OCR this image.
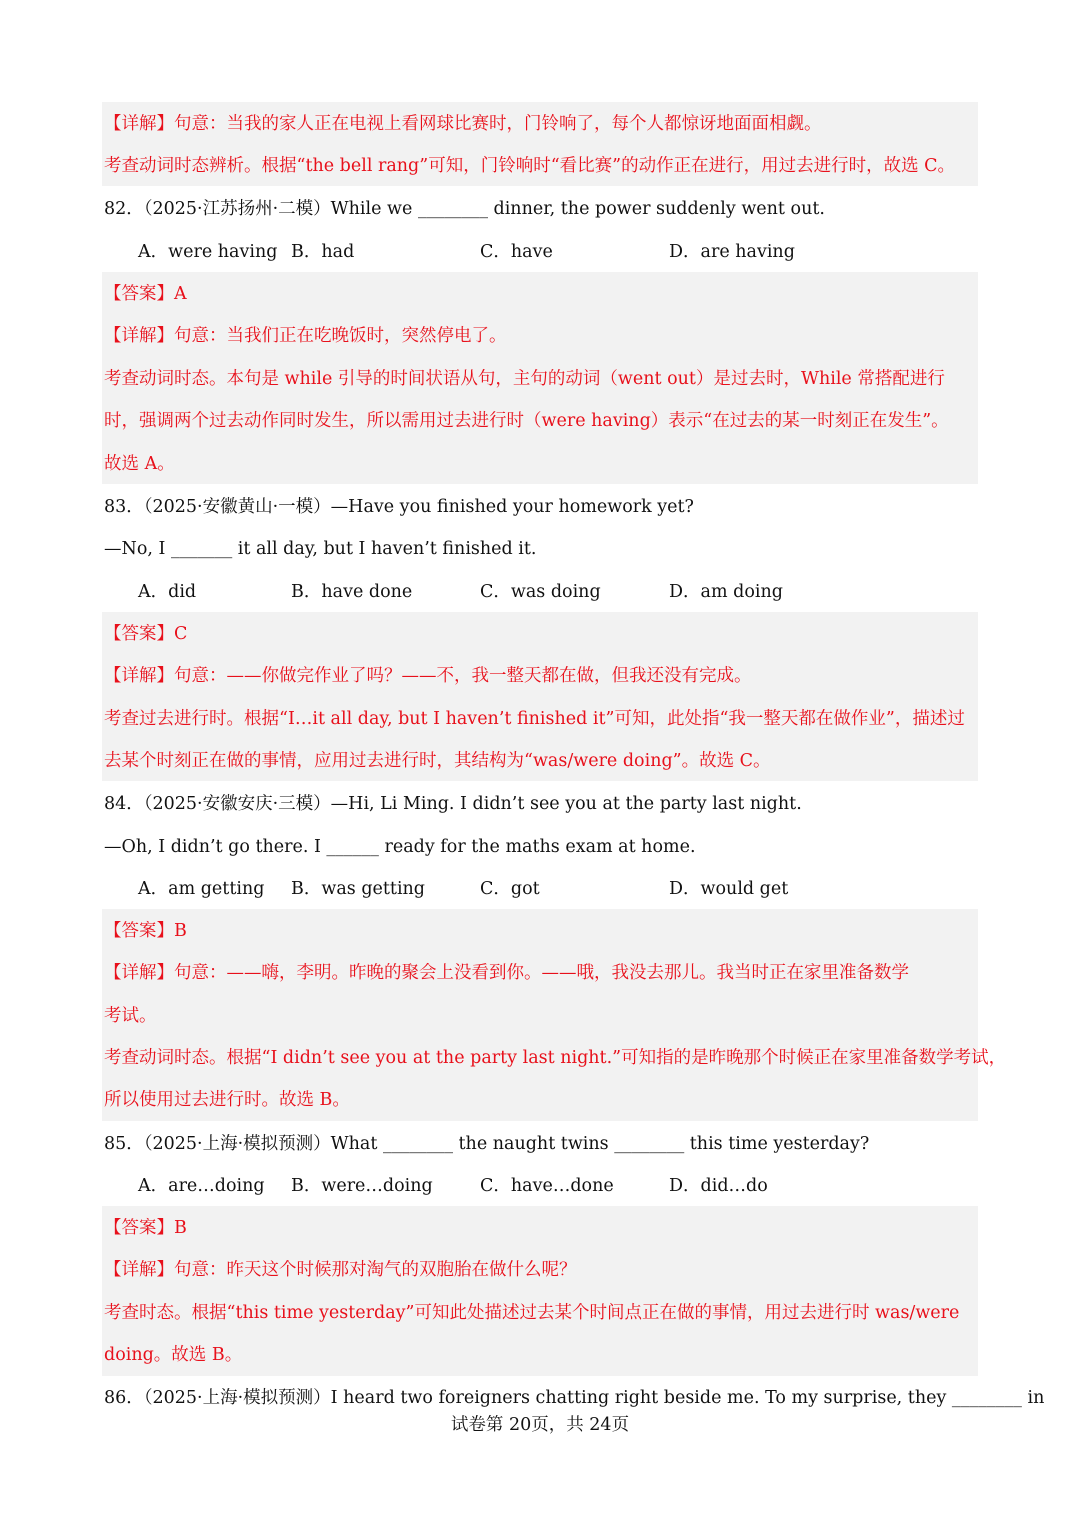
【详解】句意：当我的家人正在电视上看网球比赛时，门铃响了，每个人都惊讶地面面相觑。
考查动词时态辨析。根据“the bell rang”可知，门铃响时“看比赛”的动作正在进行，用过去进行时，故选 C。
82．（2025·江苏扬州·二模）While we ________ dinner, the power suddenly went out.
A．were having B．had	C．have	D．are having
【答案】A
【详解】句意：当我们正在吃晚饭时，突然停电了。
考查动词时态。本句是 while 引导的时间状语从句，主句的动词（went out）是过去时，While 常搭配进行
时，强调两个过去动作同时发生，所以需用过去进行时（were having）表示“在过去的某一时刻正在发生”。
故选 A。
83．（2025·安徽黄山·一模）—Have you finished your homework yet?
—No, I _______ it all day, but I haven’t finished it.
A．did	B．have done	C．was doing	D．am doing
【答案】C
【详解】句意：——你做完作业了吗？——不，我一整天都在做，但我还没有完成。
考查过去进行时。根据“I…it all day, but I haven’t finished it”可知，此处指“我一整天都在做作业”，描述过
去某个时刻正在做的事情，应用过去进行时，其结构为“was/were doing”。故选 C。
84．（2025·安徽安庆·三模）—Hi, Li Ming. I didn’t see you at the party last night.
—Oh, I didn’t go there. I ______ ready for the maths exam at home.
A．am getting B．was getting	C．got	D．would get
【答案】B
【详解】句意：——嗨，李明。昨晚的聚会上没看到你。——哦，我没去那儿。我当时正在家里准备数学
考试。
考查动词时态。根据“I didn’t see you at the party last night.”可知指的是昨晚那个时候正在家里准备数学考试，
所以使用过去进行时。故选 B。
85．（2025·上海·模拟预测）What ________ the naught twins ________ this time yesterday?
A．are…doing B．were…doing	C．have…done	D．did…do
【答案】B
【详解】句意：昨天这个时候那对淘气的双胞胎在做什么呢？
考查时态。根据“this time yesterday”可知此处描述过去某个时间点正在做的事情，用过去进行时 was/were
doing。故选 B。
86．（2025·上海·模拟预测）I heard two foreigners chatting right beside me. To my surprise, they ________ in
试卷第 20页，共 24页
